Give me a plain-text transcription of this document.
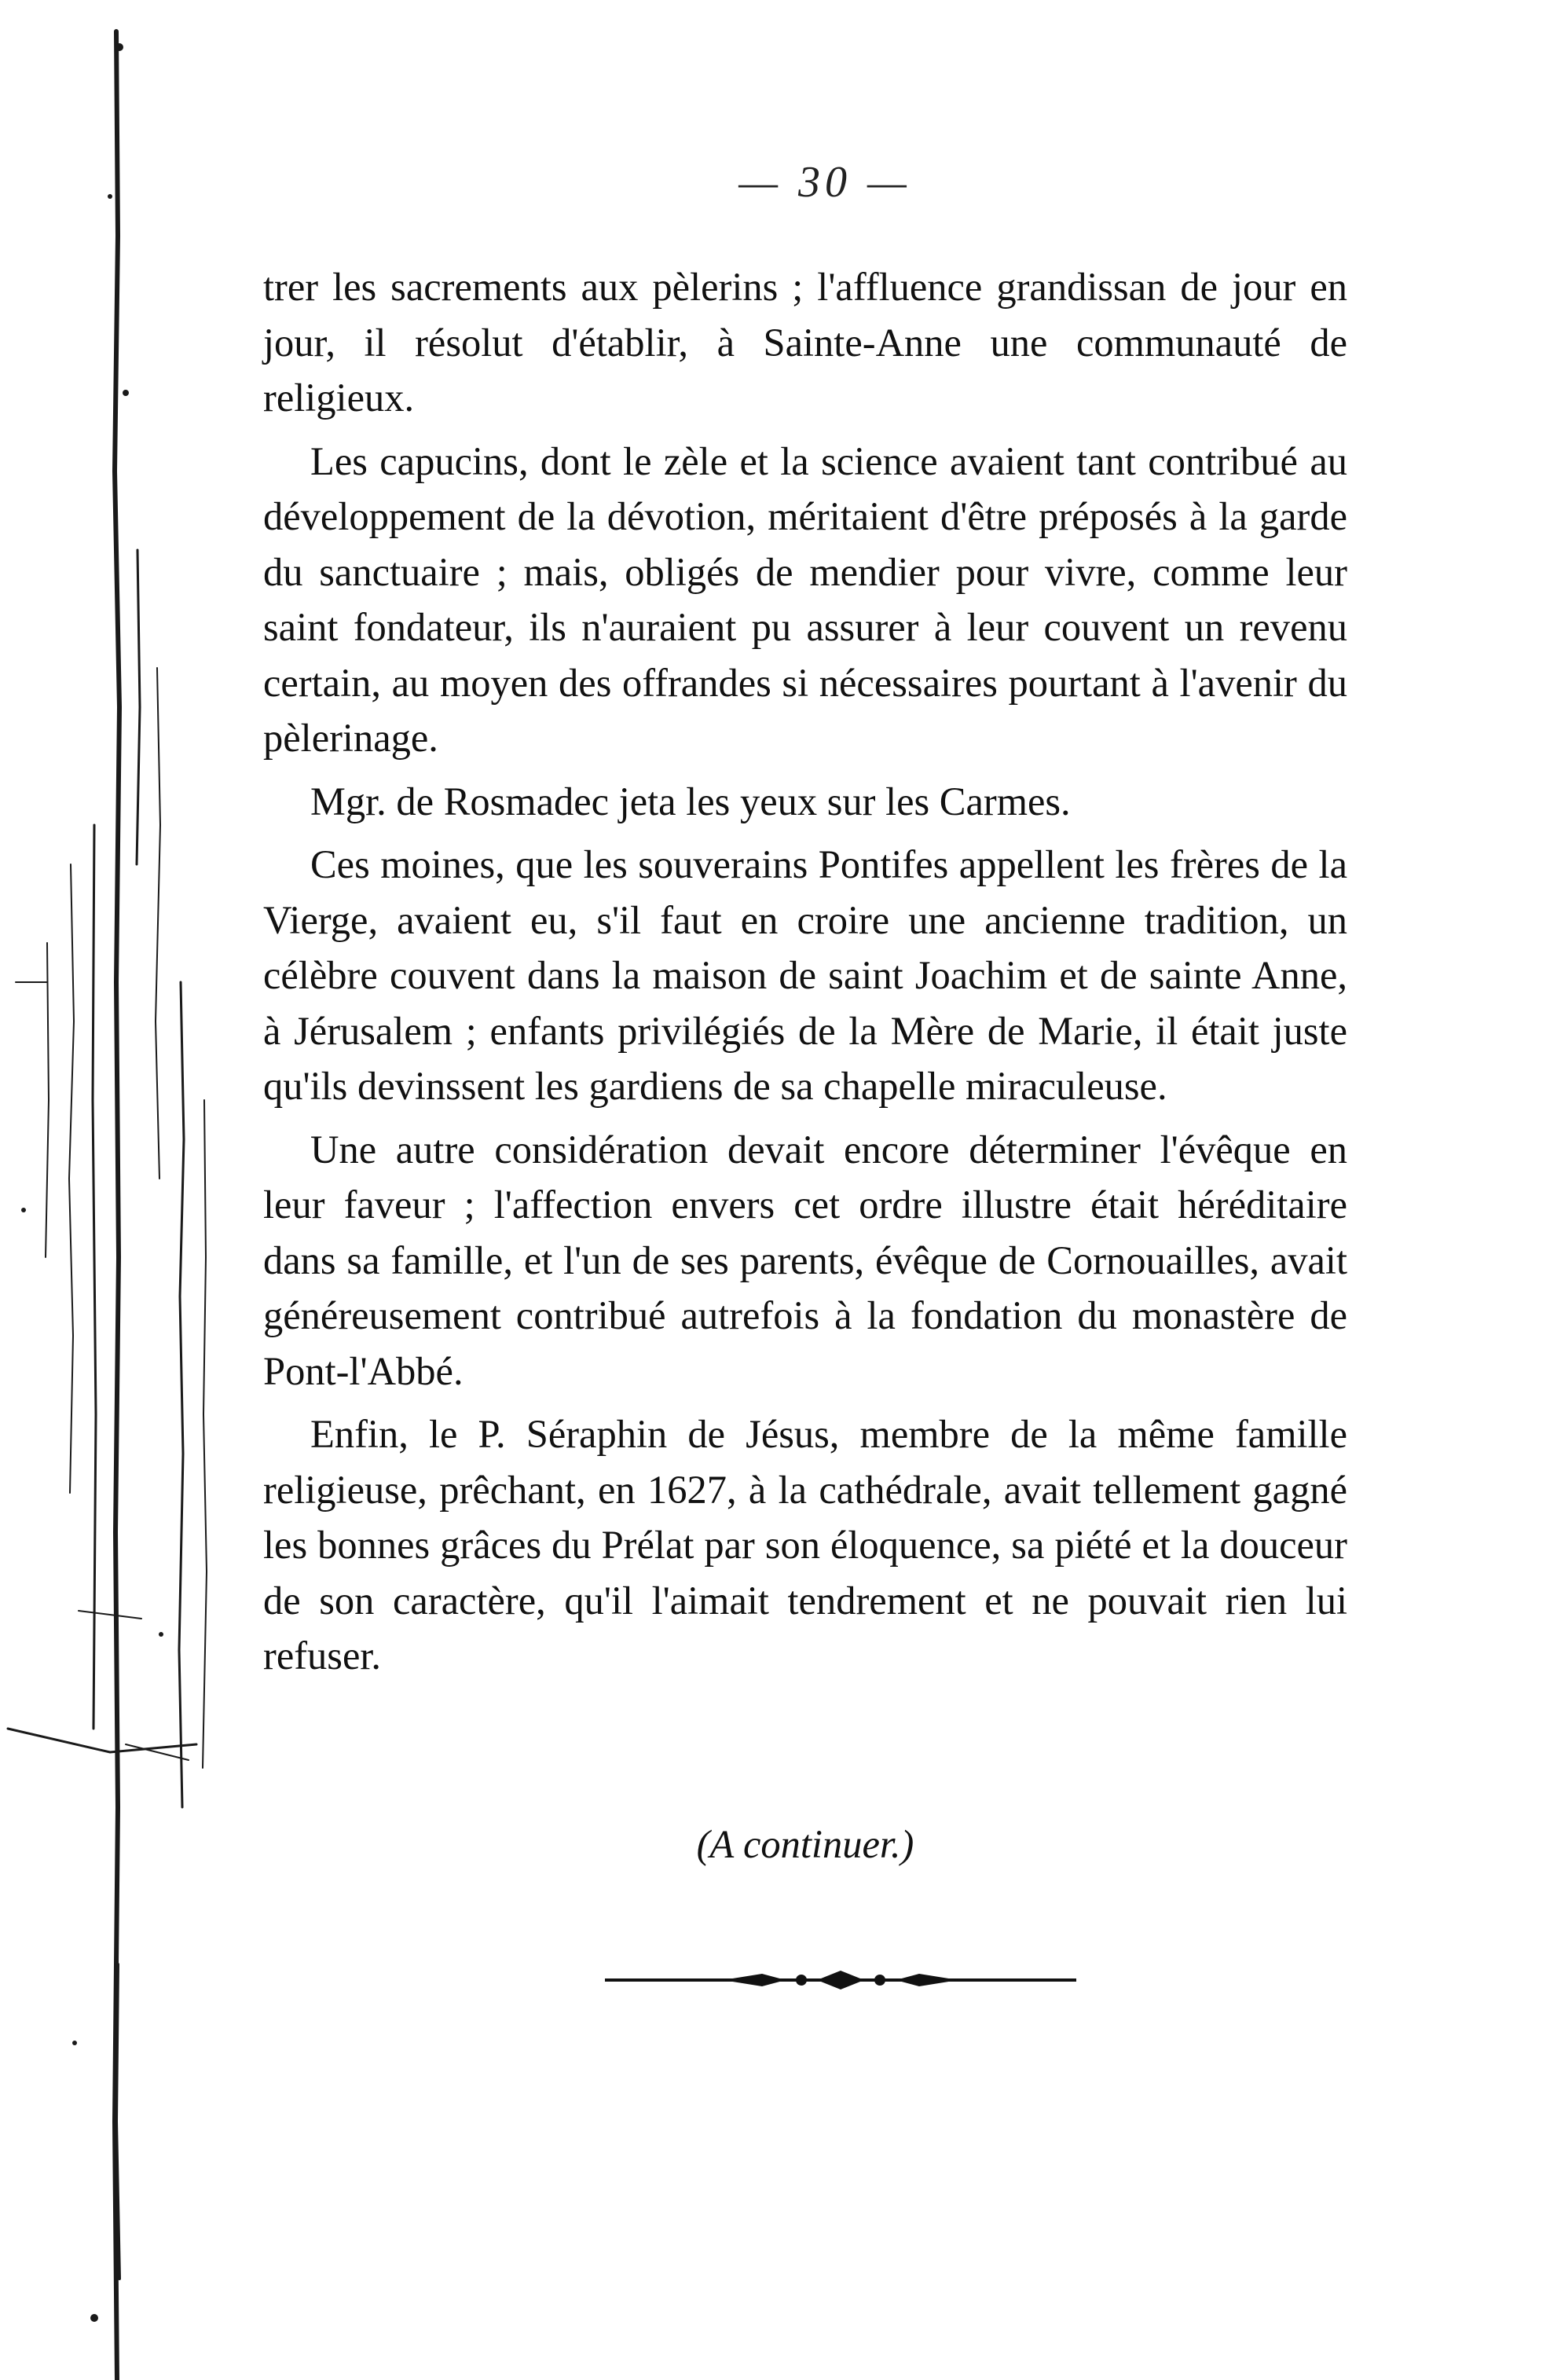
— 30 —

trer les sacrements aux pèlerins ; l'affluence grandissan de jour en jour, il résolut d'établir, à Sainte-Anne une communauté de religieux.

Les capucins, dont le zèle et la science avaient tant contribué au développement de la dévotion, méritaient d'être préposés à la garde du sanctuaire ; mais, obligés de mendier pour vivre, comme leur saint fondateur, ils n'auraient pu assurer à leur couvent un revenu certain, au moyen des offrandes si nécessaires pourtant à l'avenir du pèlerinage.

Mgr. de Rosmadec jeta les yeux sur les Carmes.

Ces moines, que les souverains Pontifes appellent les frères de la Vierge, avaient eu, s'il faut en croire une ancienne tradition, un célèbre couvent dans la maison de saint Joachim et de sainte Anne, à Jérusalem ; enfants privilégiés de la Mère de Marie, il était juste qu'ils devinssent les gardiens de sa chapelle miraculeuse.

Une autre considération devait encore déterminer l'évêque en leur faveur ; l'affection envers cet ordre illustre était héréditaire dans sa famille, et l'un de ses parents, évêque de Cornouailles, avait généreusement contribué autrefois à la fondation du monastère de Pont-l'Abbé.

Enfin, le P. Séraphin de Jésus, membre de la même famille religieuse, prêchant, en 1627, à la cathédrale, avait tellement gagné les bonnes grâces du Prélat par son éloquence, sa piété et la douceur de son caractère, qu'il l'aimait tendrement et ne pouvait rien lui refuser.

(A continuer.)
